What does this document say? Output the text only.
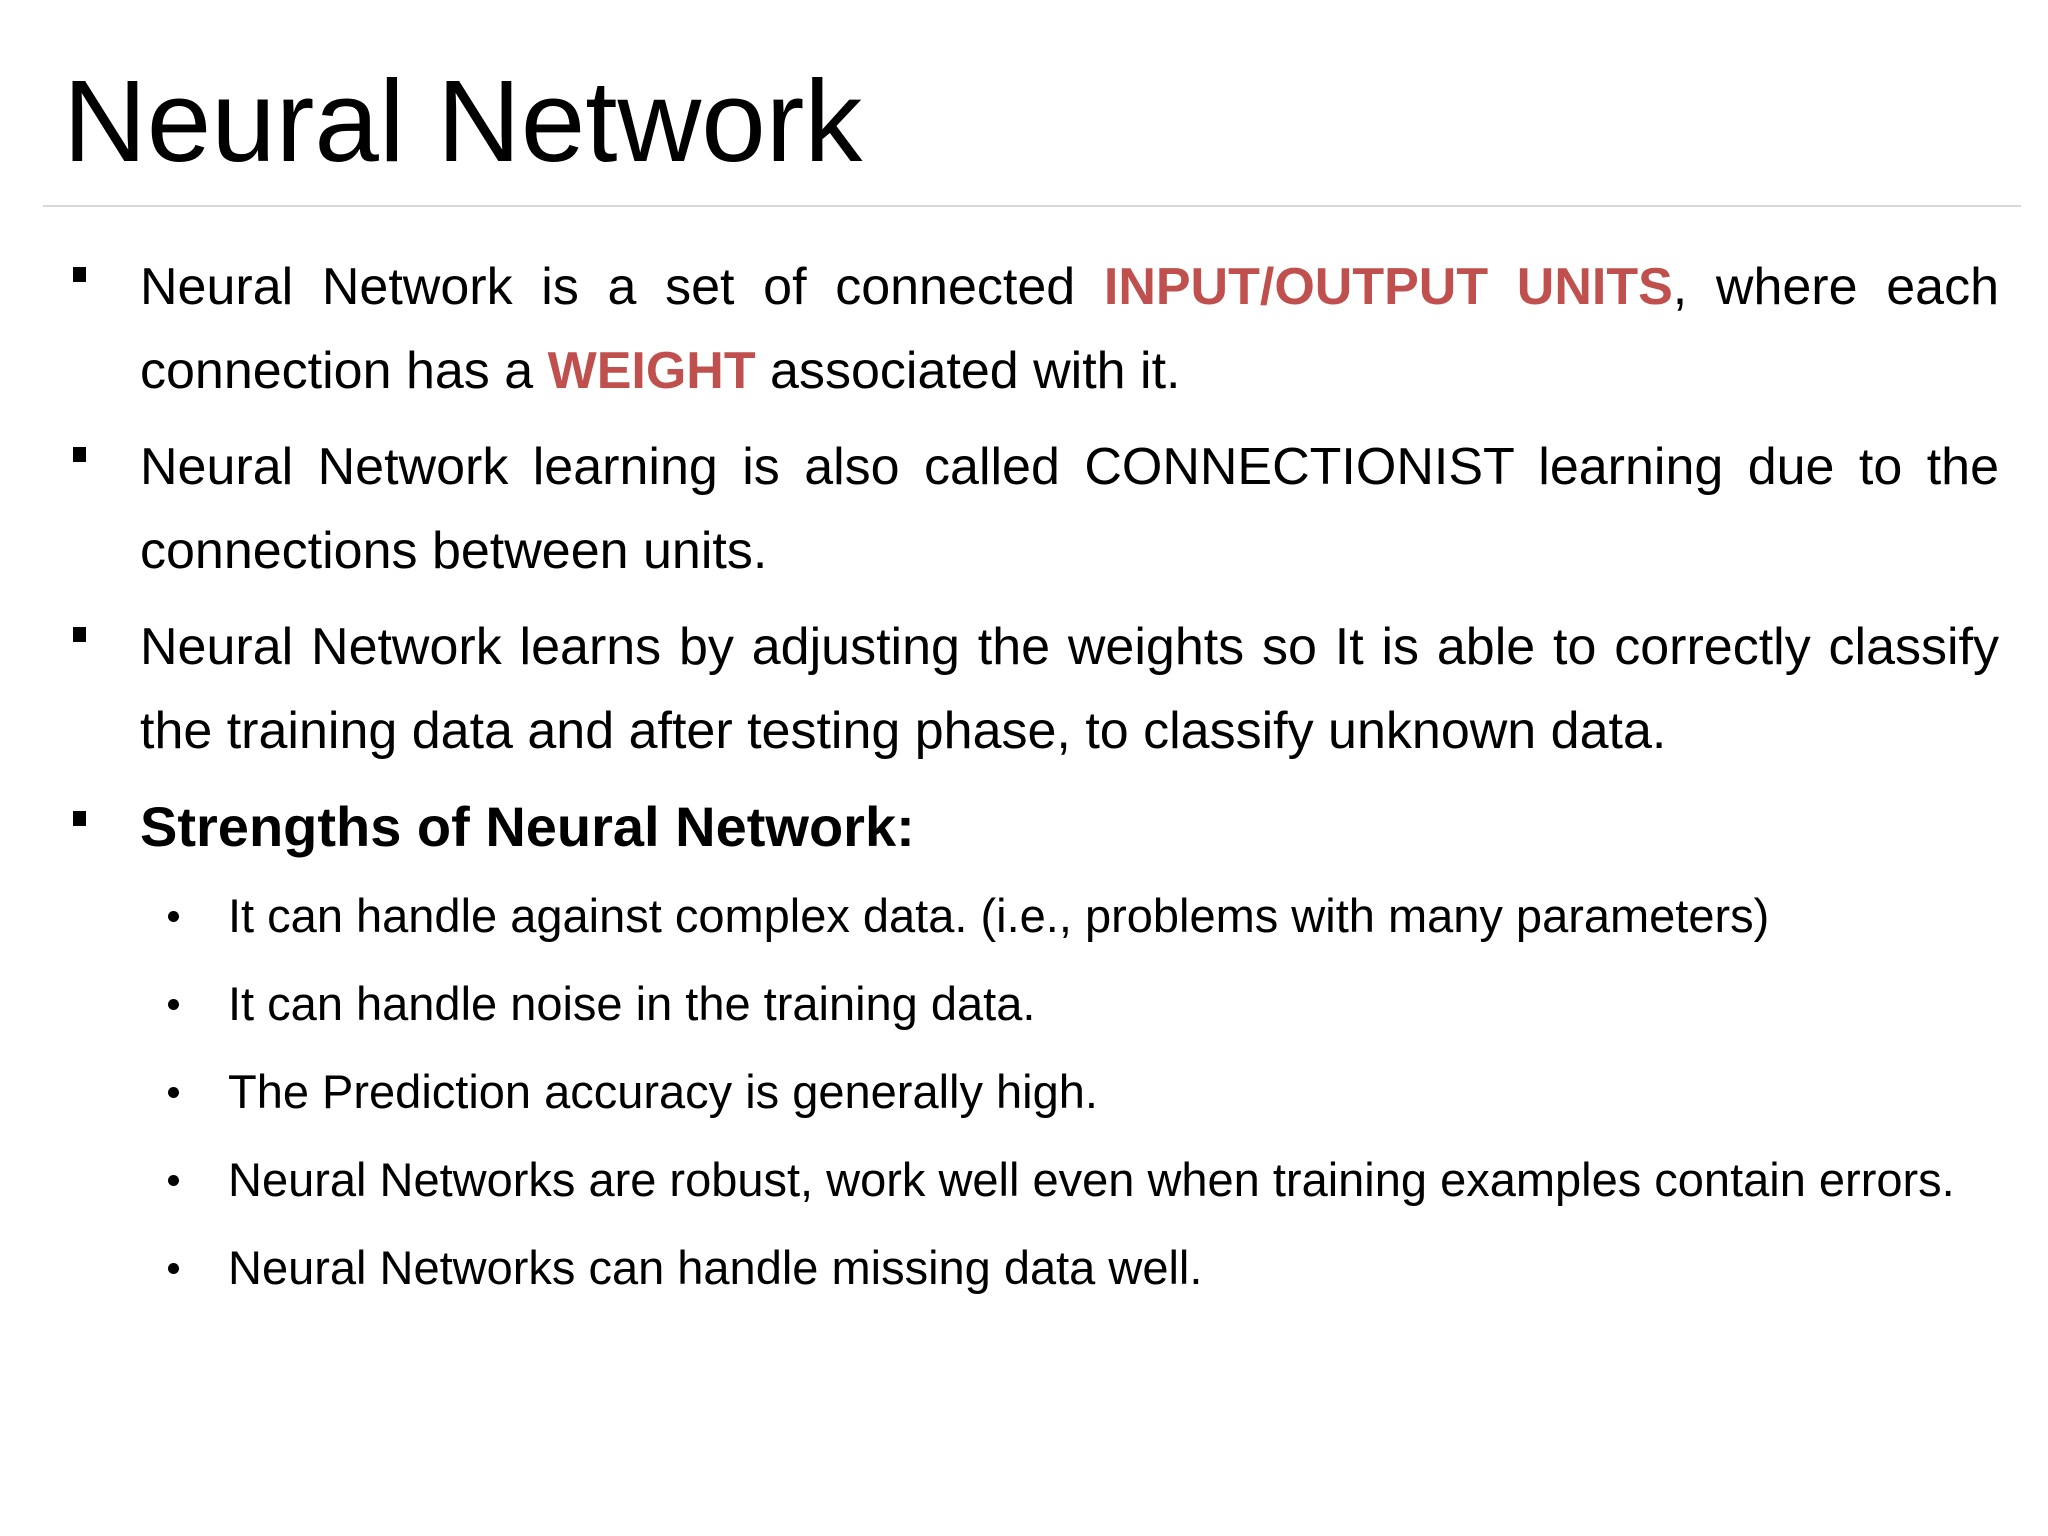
Neural Network

Neural Network is a set of connected INPUT/OUTPUT UNITS, where each connection has a WEIGHT associated with it.

Neural Network learning is also called CONNECTIONIST learning due to the connections between units.

Neural Network learns by adjusting the weights so It is able to correctly classify the training data and after testing phase, to classify unknown data.

Strengths of Neural Network:

It can handle against complex data. (i.e., problems with many parameters)

It can handle noise in the training data.

The Prediction accuracy is generally high.

Neural Networks are robust, work well even when training examples contain errors.

Neural Networks can handle missing data well.
